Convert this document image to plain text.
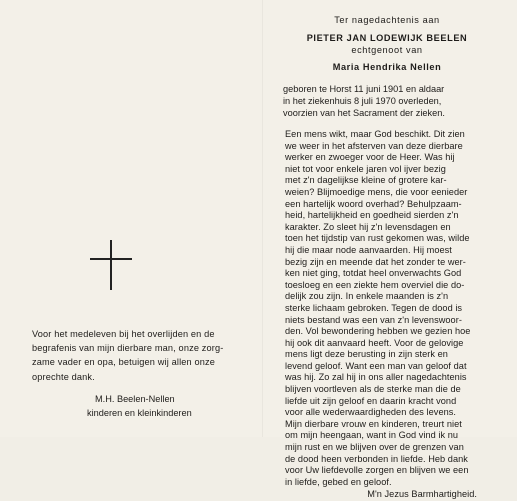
Voor het medeleven bij het overlijden en de
begrafenis van mijn dierbare man, onze zorg-
zame vader en opa, betuigen wij allen onze
oprechte dank.
M.H. Beelen-Nellen
kinderen en kleinkinderen
Ter nagedachtenis aan
PIETER JAN LODEWIJK BEELEN
echtgenoot van
Maria Hendrika Nellen
geboren te Horst 11 juni 1901 en aldaar
in het ziekenhuis 8 juli 1970 overleden,
voorzien van het Sacrament der zieken.
Een mens wikt, maar God beschikt. Dit zien
we weer in het afsterven van deze dierbare
werker en zwoeger voor de Heer. Was hij
niet tot voor enkele jaren vol ijver bezig
met z'n dagelijkse kleine of grotere kar-
weien? Blijmoedige mens, die voor eenieder
een hartelijk woord overhad? Behulpzaam-
heid, hartelijkheid en goedheid sierden z'n
karakter. Zo sleet hij z'n levensdagen en
toen het tijdstip van rust gekomen was, wilde
hij die maar node aanvaarden. Hij moest
bezig zijn en meende dat het zonder te wer-
ken niet ging, totdat heel onverwachts God
toesloeg en een ziekte hem overviel die do-
delijk zou zijn. In enkele maanden is z'n
sterke lichaam gebroken. Tegen de dood is
niets bestand was een van z'n levenswoor-
den. Vol bewondering hebben we gezien hoe
hij ook dit aanvaard heeft. Voor de gelovige
mens ligt deze berusting in zijn sterk en
levend geloof. Want een man van geloof dat
was hij. Zo zal hij in ons aller nagedachtenis
blijven voortleven als de sterke man die de
liefde uit zijn geloof en daarin kracht vond
voor alle wederwaardigheden des levens.
Mijn dierbare vrouw en kinderen, treurt niet
om mijn heengaan, want in God vind ik nu
mijn rust en we blijven over de grenzen van
de dood heen verbonden in liefde. Heb dank
voor Uw liefdevolle zorgen en blijven we een
in liefde, gebed en geloof.
M'n Jezus Barmhartigheid.
